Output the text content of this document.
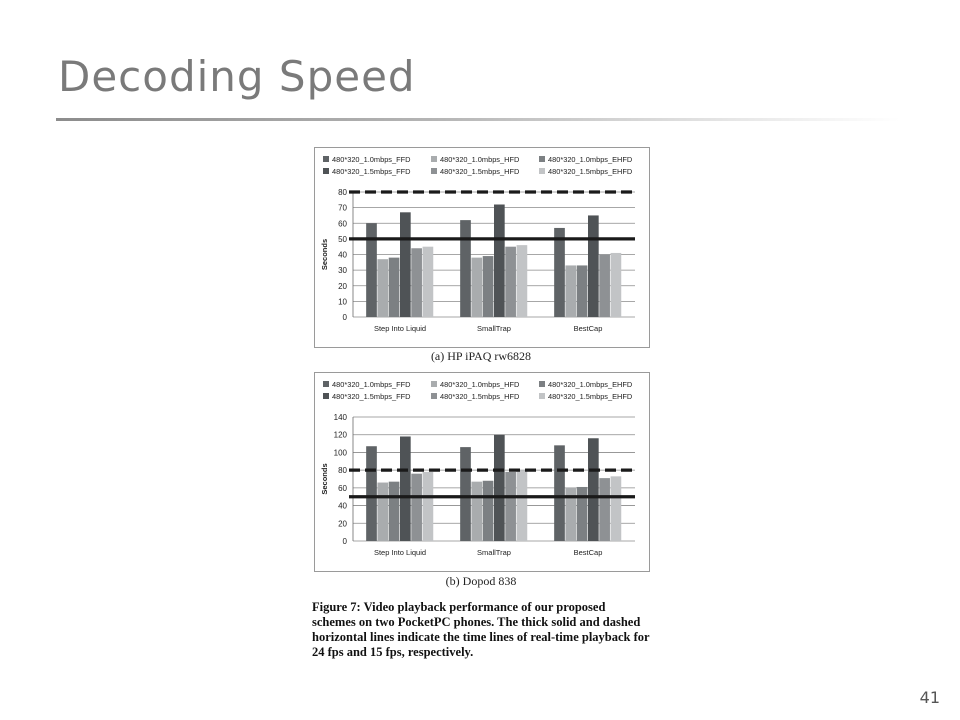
Decoding Speed
480*320_1.0mbps_FFD	480*320_1.0mbps_HFD	480*320_1.0mbps_EHFD
480*320_1.5mbps_FFD	480*320_1.5mbps_HFD	480*320_1.5mbps_EHFD
0
10
20
30
40
50
60
70
80
Seconds
Step Into Liquid	SmallTrap	BestCap
(a) HP iPAQ rw6828
480*320_1.0mbps_FFD	480*320_1.0mbps_HFD	480*320_1.0mbps_EHFD
480*320_1.5mbps_FFD	480*320_1.5mbps_HFD	480*320_1.5mbps_EHFD
0
20
40
60
80
100
120
140
Seconds
Step Into Liquid	SmallTrap	BestCap
(b) Dopod 838
Figure 7: Video playback performance of our proposed schemes on two PocketPC phones. The thick solid and dashed horizontal lines indicate the time lines of real-time playback for 24 fps and 15 fps, respectively.
41
